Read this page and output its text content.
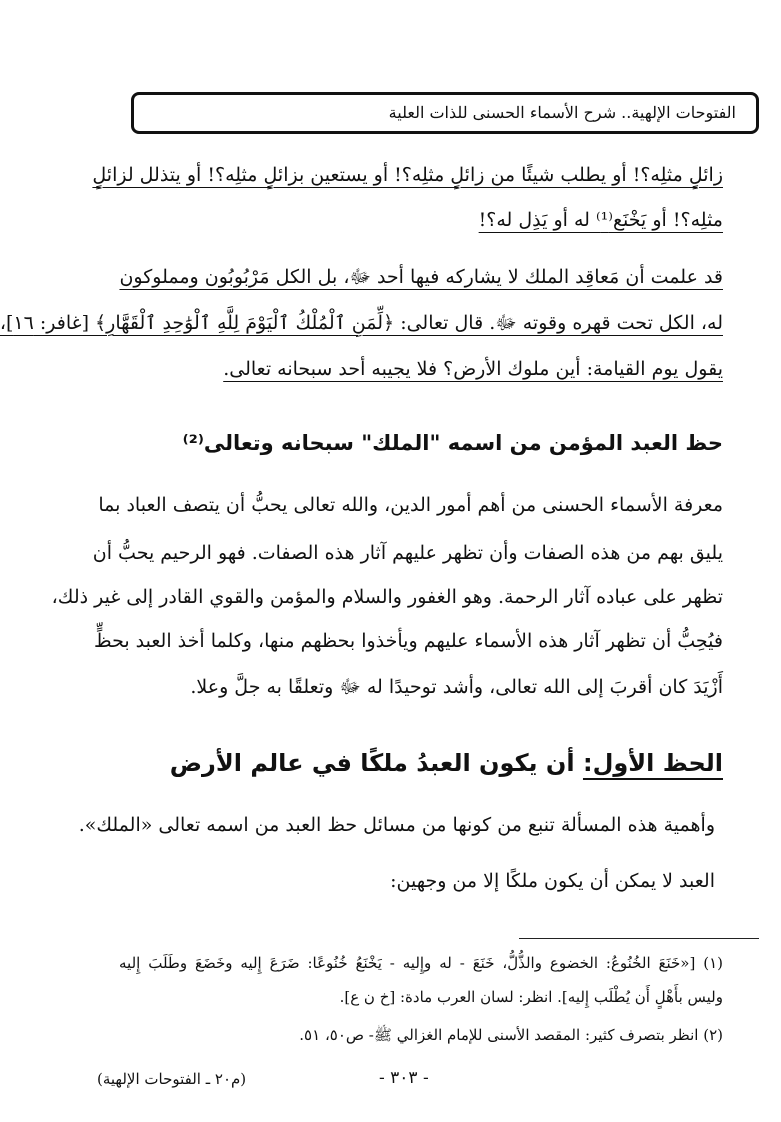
الفتوحات الإلهية.. شرح الأسماء الحسنى للذات العلية
زائلٍ مثلِه؟! أو يطلب شيئًا من زائلٍ مثلِه؟! أو يستعين بزائلٍ مثلِه؟! أو يتذلل لزائلٍ
مثلِه؟! أو يَخْنَع⁽¹⁾ له أو يَذِل له؟!
قد علمت أن مَعاقِد الملك لا يشاركه فيها أحد ﷻ، بل الكل مَرْبُوبُون ومملوكون
له، الكل تحت قهره وقوته ﷻ. قال تعالى: ﴿لِّمَنِ ٱلْمُلْكُ ٱلْيَوْمَ لِلَّهِ ٱلْوَٰحِدِ ٱلْقَهَّارِ﴾ [غافر: ١٦]،
يقول يوم القيامة: أين ملوك الأرض؟ فلا يجيبه أحد سبحانه تعالى.
حظ العبد المؤمن من اسمه "الملك" سبحانه وتعالى⁽²⁾
معرفة الأسماء الحسنى من أهم أمور الدين، والله تعالى يحبُّ أن يتصف العباد بما
يليق بهم من هذه الصفات وأن تظهر عليهم آثار هذه الصفات. فهو الرحيم يحبُّ أن
تظهر على عباده آثار الرحمة. وهو الغفور والسلام والمؤمن والقوي القادر إلى غير ذلك،
فيُحِبُّ أن تظهر آثار هذه الأسماء عليهم ويأخذوا بحظهم منها، وكلما أخذ العبد بحظٍّ
أَزْيَدَ كان أقربَ إلى الله تعالى، وأشد توحيدًا له ﷻ وتعلقًا به جلَّ وعلا.
الحظ الأول: أن يكون العبدُ ملكًا في عالم الأرض
وأهمية هذه المسألة تنبع من كونها من مسائل حظ العبد من اسمه تعالى «الملك».
العبد لا يمكن أن يكون ملكًا إلا من وجهين:
(١) [«خَنَعَ الخُنُوعُ: الخضوع والذُّلُّ، خَنَعَ - له وإِليه - يَخْنَعُ خُنُوعًا: ضَرَعَ إِليه وخَضَعَ وطَلَبَ إِليه
وليس بأَهْلٍ أَن يُطْلَب إِليه]. انظر: لسان العرب مادة: [خ ن ع].
(٢) انظر بتصرف كثير: المقصد الأسنى للإمام الغزالي ﷺ- ص٥٠، ٥١.
- ٣٠٣ -
(م٢٠ ـ الفتوحات الإلهية)
